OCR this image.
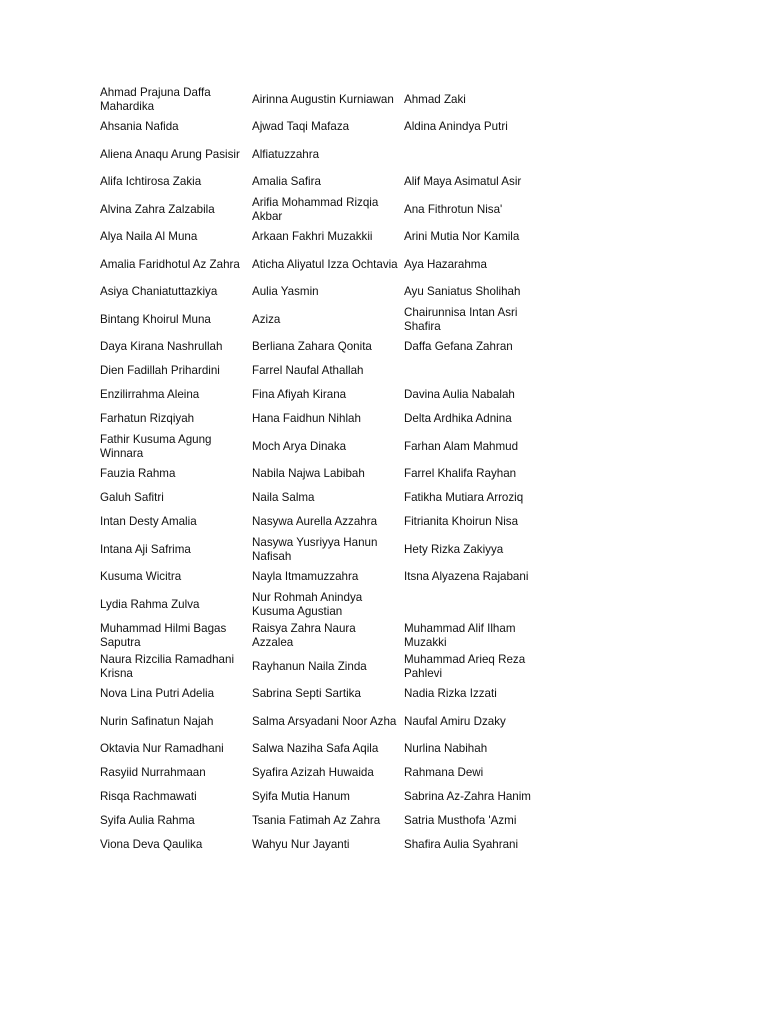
Ahmad Prajuna Daffa Mahardika	Airinna Augustin Kurniawan	Ahmad Zaki
Ahsania Nafida	Ajwad Taqi Mafaza	Aldina Anindya Putri
Aliena Anaqu Arung Pasisir	Alfiatuzzahra	
Alifa Ichtirosa Zakia	Amalia Safira	Alif Maya Asimatul Asir
Alvina Zahra Zalzabila	Arifia Mohammad Rizqia Akbar	Ana Fithrotun Nisa'
Alya Naila Al Muna	Arkaan Fakhri Muzakkii	Arini Mutia Nor Kamila
Amalia Faridhotul Az Zahra	Aticha Aliyatul Izza Ochtavia	Aya Hazarahma
Asiya Chaniatuttazkiya	Aulia Yasmin	Ayu Saniatus Sholihah
Bintang Khoirul Muna	Aziza	Chairunnisa Intan Asri Shafira
Daya Kirana Nashrullah	Berliana Zahara Qonita	Daffa Gefana Zahran
Dien Fadillah Prihardini	Farrel Naufal Athallah	
Enzilirrahma Aleina	Fina Afiyah Kirana	Davina Aulia Nabalah
Farhatun Rizqiyah	Hana Faidhun Nihlah	Delta Ardhika Adnina
Fathir Kusuma Agung Winnara	Moch Arya Dinaka	Farhan Alam Mahmud
Fauzia Rahma	Nabila Najwa Labibah	Farrel Khalifa Rayhan
Galuh Safitri	Naila Salma	Fatikha Mutiara Arroziq
Intan Desty Amalia	Nasywa Aurella Azzahra	Fitrianita Khoirun Nisa
Intana Aji Safrima	Nasywa Yusriyya Hanun Nafisah	Hety Rizka Zakiyya
Kusuma Wicitra	Nayla Itmamuzzahra	Itsna Alyazena Rajabani
Lydia Rahma Zulva	Nur Rohmah Anindya Kusuma Agustian	
Muhammad Hilmi Bagas Saputra	Raisya Zahra Naura Azzalea	Muhammad Alif Ilham Muzakki
Naura Rizcilia Ramadhani Krisna	Rayhanun Naila Zinda	Muhammad Arieq Reza Pahlevi
Nova Lina Putri Adelia	Sabrina Septi Sartika	Nadia Rizka Izzati
Nurin Safinatun Najah	Salma Arsyadani Noor Azha	Naufal Amiru Dzaky
Oktavia Nur Ramadhani	Salwa Naziha Safa Aqila	Nurlina Nabihah
Rasyiid Nurrahmaan	Syafira Azizah Huwaida	Rahmana Dewi
Risqa Rachmawati	Syifa Mutia Hanum	Sabrina Az-Zahra Hanim
Syifa Aulia Rahma	Tsania Fatimah Az Zahra	Satria Musthofa 'Azmi
Viona Deva Qaulika	Wahyu Nur Jayanti	Shafira Aulia Syahrani
